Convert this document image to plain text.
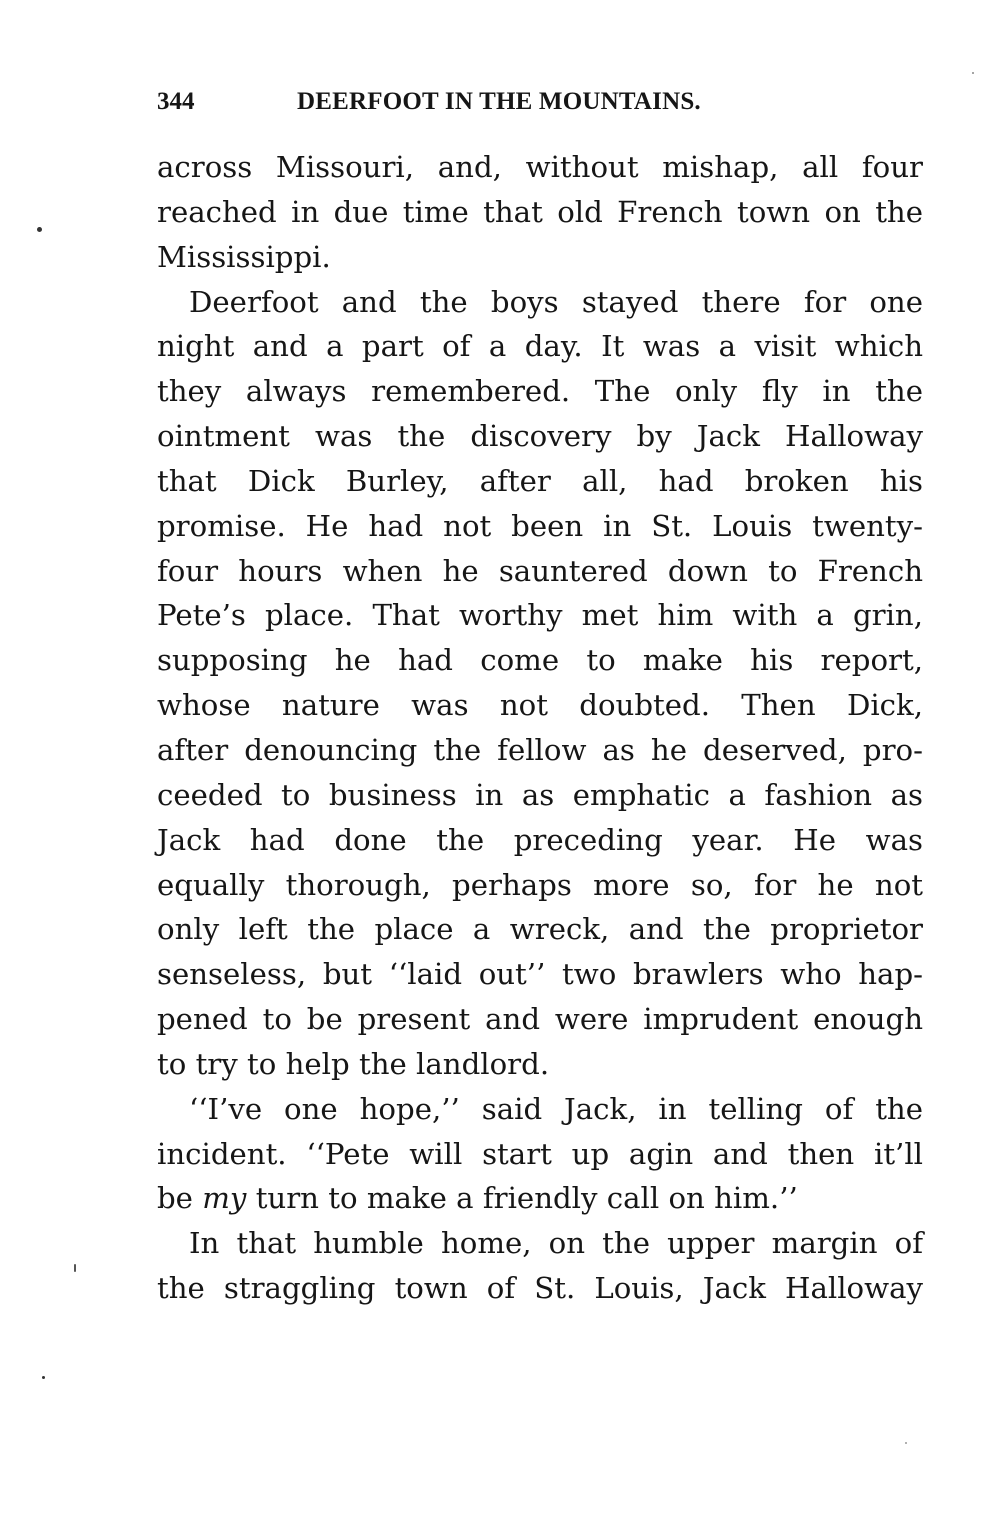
344	DEERFOOT IN THE MOUNTAINS.
across Missouri, and, without mishap, all four
reached in due time that old French town on the
Mississippi.
Deerfoot and the boys stayed there for one
night and a part of a day. It was a visit which
they always remembered. The only fly in the
ointment was the discovery by Jack Halloway
that Dick Burley, after all, had broken his
promise. He had not been in St. Louis twenty-
four hours when he sauntered down to French
Pete’s place. That worthy met him with a grin,
supposing he had come to make his report,
whose nature was not doubted. Then Dick,
after denouncing the fellow as he deserved, pro-
ceeded to business in as emphatic a fashion as
Jack had done the preceding year. He was
equally thorough, perhaps more so, for he not
only left the place a wreck, and the proprietor
senseless, but ‘‘laid out’’ two brawlers who hap-
pened to be present and were imprudent enough
to try to help the landlord.
‘‘I’ve one hope,’’ said Jack, in telling of the
incident. ‘‘Pete will start up agin and then it’ll
be my turn to make a friendly call on him.’’
In that humble home, on the upper margin of
the straggling town of St. Louis, Jack Halloway
